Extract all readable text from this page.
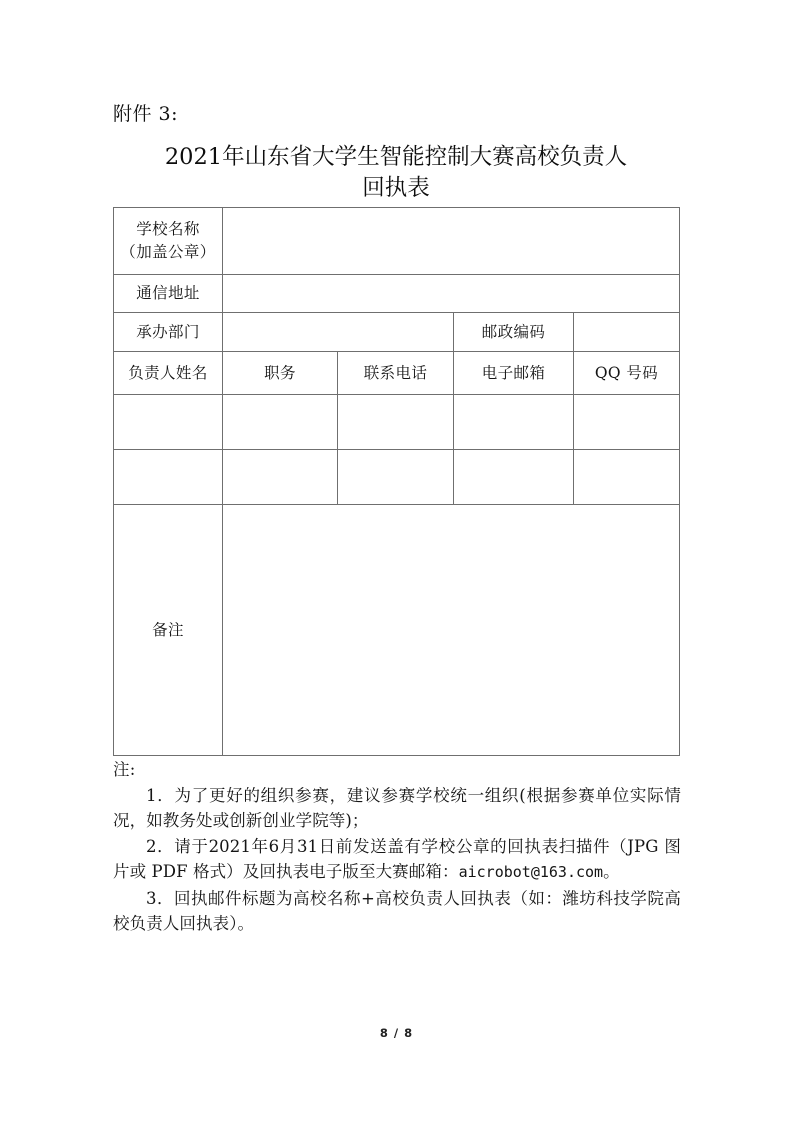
附件 3:
2021年山东省大学生智能控制大赛高校负责人
回执表
学校名称
（加盖公章）				

通信地址				
承办部门			邮政编码	
负责人姓名	职务	联系电话	电子邮箱	QQ 号码

备注				

注:

1．为了更好的组织参赛，建议参赛学校统一组织(根据参赛单位实际情况，如教务处或创新创业学院等)；

2．请于2021年6月31日前发送盖有学校公章的回执表扫描件（JPG 图片或 PDF 格式）及回执表电子版至大赛邮箱：aicrobot@163.com。

3．回执邮件标题为高校名称+高校负责人回执表（如：潍坊科技学院高校负责人回执表）。

8 / 8
